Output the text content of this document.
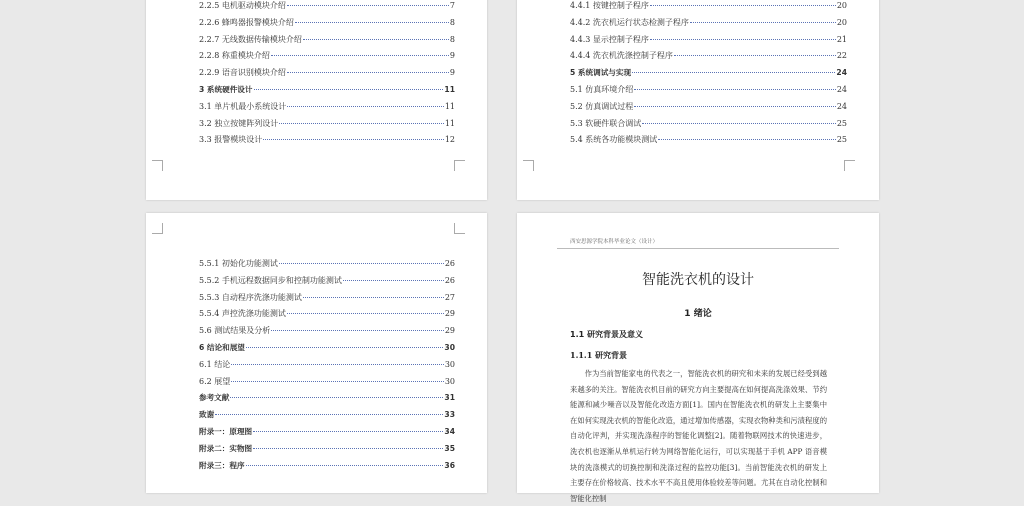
2.2.5 电机驱动模块介绍	7
2.2.6 蜂鸣器报警模块介绍	8
2.2.7 无线数据传输模块介绍	8
2.2.8 称重模块介绍	9
2.2.9 语音识别模块介绍	9
3 系统硬件设计	11
3.1 单片机最小系统设计	11
3.2 独立按键阵列设计	11
3.3 报警模块设计	12
4.4.1 按键控制子程序	20
4.4.2 洗衣机运行状态检测子程序	20
4.4.3 显示控制子程序	21
4.4.4 洗衣机洗涤控制子程序	22
5 系统调试与实现	24
5.1 仿真环境介绍	24
5.2 仿真调试过程	24
5.3 软硬件联合调试	25
5.4 系统各功能模块测试	25
5.5.1 初始化功能测试	26
5.5.2 手机远程数据同步和控制功能测试	26
5.5.3 自动程序洗涤功能测试	27
5.5.4 声控洗涤功能测试	29
5.6 测试结果及分析	29
6 结论和展望	30
6.1 结论	30
6.2 展望	30
参考文献	31
致谢	33
附录一：原理图	34
附录二：实物图	35
附录三：程序	36
西安思源学院本科毕业论文（设计）
智能洗衣机的设计
1 绪论
1.1 研究背景及意义
1.1.1 研究背景
作为当前智能家电的代表之一，智能洗衣机的研究和未来的发展已经受到越来越多的关注。智能洗衣机目前的研究方向主要提高在如何提高洗涤效果、节约能源和减少噪音以及智能化改造方面[1]。国内在智能洗衣机的研发上主要集中在如何实现洗衣机的智能化改造，通过增加传感器，实现衣物种类和污渍程度的自动化评判，并实现洗涤程序的智能化调整[2]。随着物联网技术的快速进步，洗衣机也逐渐从单机运行转为网络智能化运行，可以实现基于手机 APP 语音模块的洗涤模式的切换控制和洗涤过程的监控功能[3]。当前智能洗衣机的研发上主要存在价格较高、技术水平不高且使用体验较差等问题。尤其在自动化控制和智能化控制
